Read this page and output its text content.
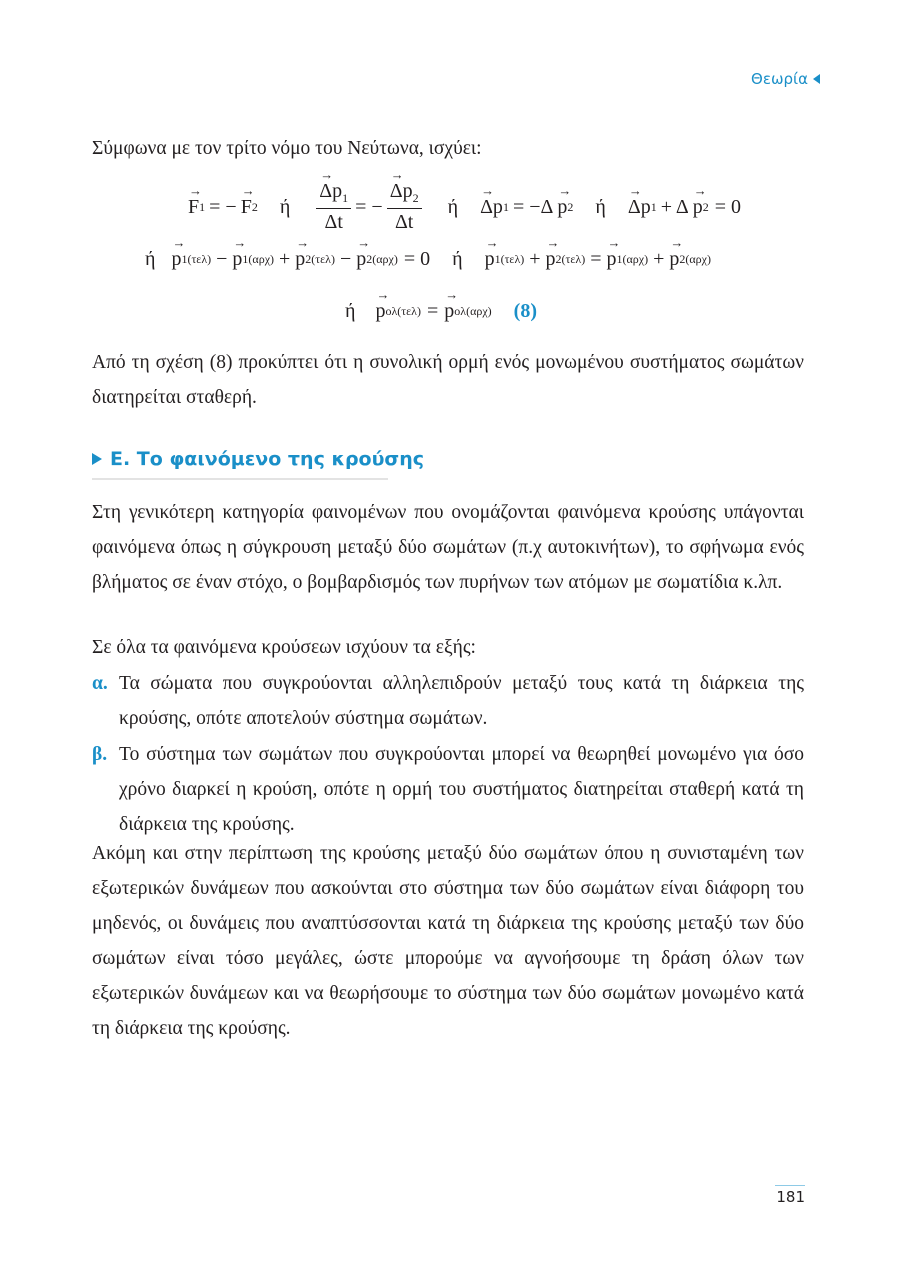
Θεωρία
Σύμφωνα με τον τρίτο νόμο του Νεύτωνα, ισχύει:
→ F 1 = − → F 2 $ή \to \frac{\Delta p_1}{\Delta t}$ = − → $\frac{\Delta p_2}{\Delta t}$ ή → Δp 1 = −Δ → p 2 ή → Δp 1 + Δ → p 2 = 0
ή → p 1(τελ) − → p 1(αρχ) + → p 2(τελ) − → p 2(αρχ) = 0 ή → p 1(τελ) + → p 2(τελ) = → p 1(αρχ) + → p 2(αρχ)
ή → p ολ(τελ) = → p ολ(αρχ) (8)
Από τη σχέση (8) προκύπτει ότι η συνολική ορμή ενός μονωμένου συστήματος σωμάτων διατηρείται σταθερή.
Ε. Το φαινόμενο της κρούσης
Στη γενικότερη κατηγορία φαινομένων που ονομάζονται φαινόμενα κρούσης υπάγονται φαινόμενα όπως η σύγκρουση μεταξύ δύο σωμάτων (π.χ αυτοκινήτων), το σφήνωμα ενός βλήματος σε έναν στόχο, ο βομβαρδισμός των πυρήνων των ατόμων με σωματίδια κ.λπ.
Σε όλα τα φαινόμενα κρούσεων ισχύουν τα εξής:
α. Τα σώματα που συγκρούονται αλληλεπιδρούν μεταξύ τους κατά τη διάρκεια της κρούσης, οπότε αποτελούν σύστημα σωμάτων.
β. Το σύστημα των σωμάτων που συγκρούονται μπορεί να θεωρηθεί μονωμένο για όσο χρόνο διαρκεί η κρούση, οπότε η ορμή του συστήματος διατηρείται σταθερή κατά τη διάρκεια της κρούσης.
Ακόμη και στην περίπτωση της κρούσης μεταξύ δύο σωμάτων όπου η συνισταμένη των εξωτερικών δυνάμεων που ασκούνται στο σύστημα των δύο σωμάτων είναι διάφορη του μηδενός, οι δυνάμεις που αναπτύσσονται κατά τη διάρκεια της κρούσης μεταξύ των δύο σωμάτων είναι τόσο μεγάλες, ώστε μπορούμε να αγνοήσουμε τη δράση όλων των εξωτερικών δυνάμεων και να θεωρήσουμε το σύστημα των δύο σωμάτων μονωμένο κατά τη διάρκεια της κρούσης.
181
